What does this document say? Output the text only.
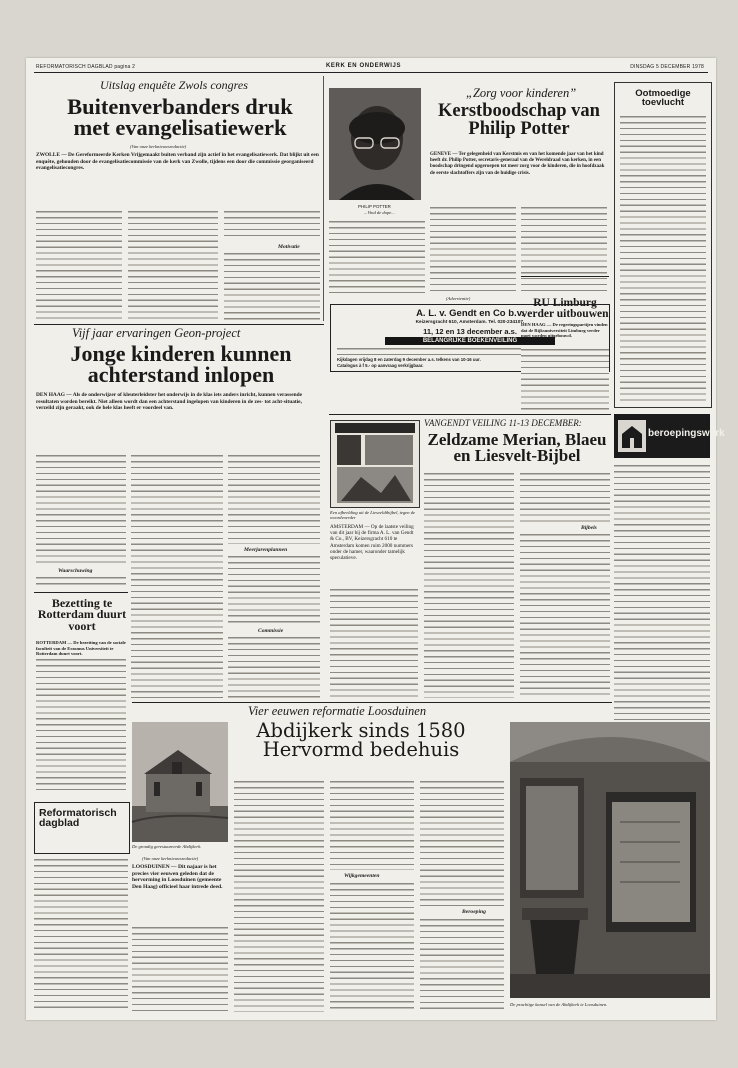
REFORMATORISCH DAGBLAD pagina 2	KERK EN ONDERWIJS	DINSDAG 5 DECEMBER 1978
Uitslag enquête Zwols congres
Buitenverbanders druk met evangelisatiewerk
(Van onze kerknieuwsredactie)
ZWOLLE — De Gereformeerde Kerken Vrijgemaakt buiten verband zijn actief in het evangelisatiewerk. Dat blijkt uit een enquête, gehouden door de evangelisatiecommissie van de kerk van Zwolle, tijdens een door die commissie georganiseerd evangelisatiecongres.
Motivatie
PHILIP POTTER
...Vind de dope...
„Zorg voor kinderen”
Kerstboodschap van Philip Potter
GENEVE — Ter gelegenheid van Kerstmis en van het komende jaar van het kind heeft dr. Philip Potter, secretaris-generaal van de Wereldraad van kerken, in een boodschap dringend opgeroepen tot meer zorg voor de kinderen, die in hoofdzaak de eerste slachtoffers zijn van de huidige crisis.
(Advertentie)
A. L. v. Gendt en Co b.v.
Keizersgracht 610, Amsterdam. Tel. 020-234107.
11, 12 en 13 december a.s.
BELANGRIJKE BOEKENVEILING
Kijkdagen vrijdag 8 en zaterdag 9 december a.s. telkens van 10-16 uur.
Catalogus à f 5.- op aanvraag verkrijgbaar.
Vijf jaar ervaringen Geon-project
Jonge kinderen kunnen achterstand inlopen
DEN HAAG — Als de onderwijzer of kleuterleidster het onderwijs in de klas iets anders inricht, kunnen verassende resultaten worden bereikt. Niet alleen wordt dan een achterstand ingelopen van kinderen in de zes- tot acht-situatie, verzeild zijn geraakt, ook de hele klas heeft er voordeel van.
Waarschuwing
Meerjarenplannen
Commissie
Bezetting te Rotterdam duurt voort
ROTTERDAM — De bezetting van de sociale faculteit van de Erasmus Universiteit te Rotterdam duurt voort.
Ootmoedige toevlucht
beroepingswerk
RU Limburg verder uitbouwen
DEN HAAG — De regeringspartijen vinden dat de Rijksuniversiteit Limburg verder moet worden uitgebouwd.
Een afbeelding uit de Liesveldtbijbel, tegen de woordvoerder
AMSTERDAM — Op de laatste veiling van dit jaar bij de firma A. L. van Gendt & Co., BV, Keizersgracht 610 te Amsterdam komen ruim 2000 nummers onder de hamer, waaronder tamelijk speculatieve.
VANGENDT VEILING 11-13 DECEMBER:
Zeldzame Merian, Blaeu en Liesvelt-Bijbel
Bijbels
Vier eeuwen reformatie Loosduinen
Abdijkerk sinds 1580 Hervormd bedehuis
De grondig gerestaureerde Abdijkerk.
(Van onze kerknieuwsredactie)
LOOSDUINEN — Dit najaar is het precies vier eeuwen geleden dat de hervorming in Loosduinen (gemeente Den Haag) officieel haar intrede deed.
Wijkgemeenten
Beroeping
De prachtige kansel van de Abdijkerk te Loosduinen.
Reformatorisch dagblad
